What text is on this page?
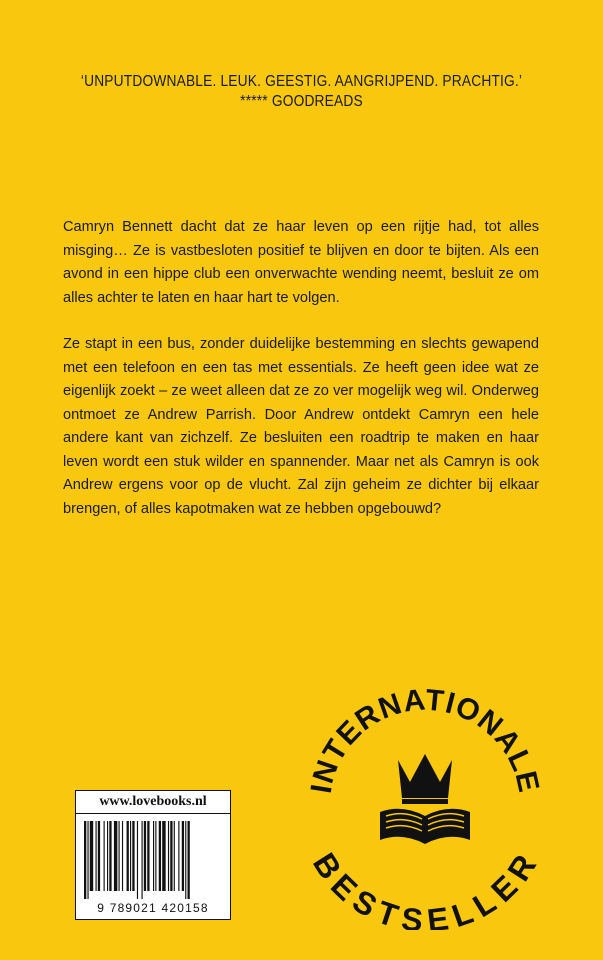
‘UNPUTDOWNABLE. LEUK. GEESTIG. AANGRIJPEND. PRACHTIG.’
***** GOODREADS

Camryn Bennett dacht dat ze haar leven op een rijtje had, tot alles misging… Ze is vastbesloten positief te blijven en door te bijten. Als een avond in een hippe club een onverwachte wending neemt, besluit ze om alles achter te laten en haar hart te volgen.

Ze stapt in een bus, zonder duidelijke bestemming en slechts gewapend met een telefoon en een tas met essentials. Ze heeft geen idee wat ze eigenlijk zoekt – ze weet alleen dat ze zo ver mogelijk weg wil. Onderweg ontmoet ze Andrew Parrish. Door Andrew ontdekt Camryn een hele andere kant van zichzelf. Ze besluiten een roadtrip te maken en haar leven wordt een stuk wilder en spannender. Maar net als Camryn is ook Andrew ergens voor op de vlucht. Zal zijn geheim ze dichter bij elkaar brengen, of alles kapotmaken wat ze hebben opgebouwd?

INTERNATIONALE
BESTSELLER
www.lovebooks.nl
9 789021 420158
